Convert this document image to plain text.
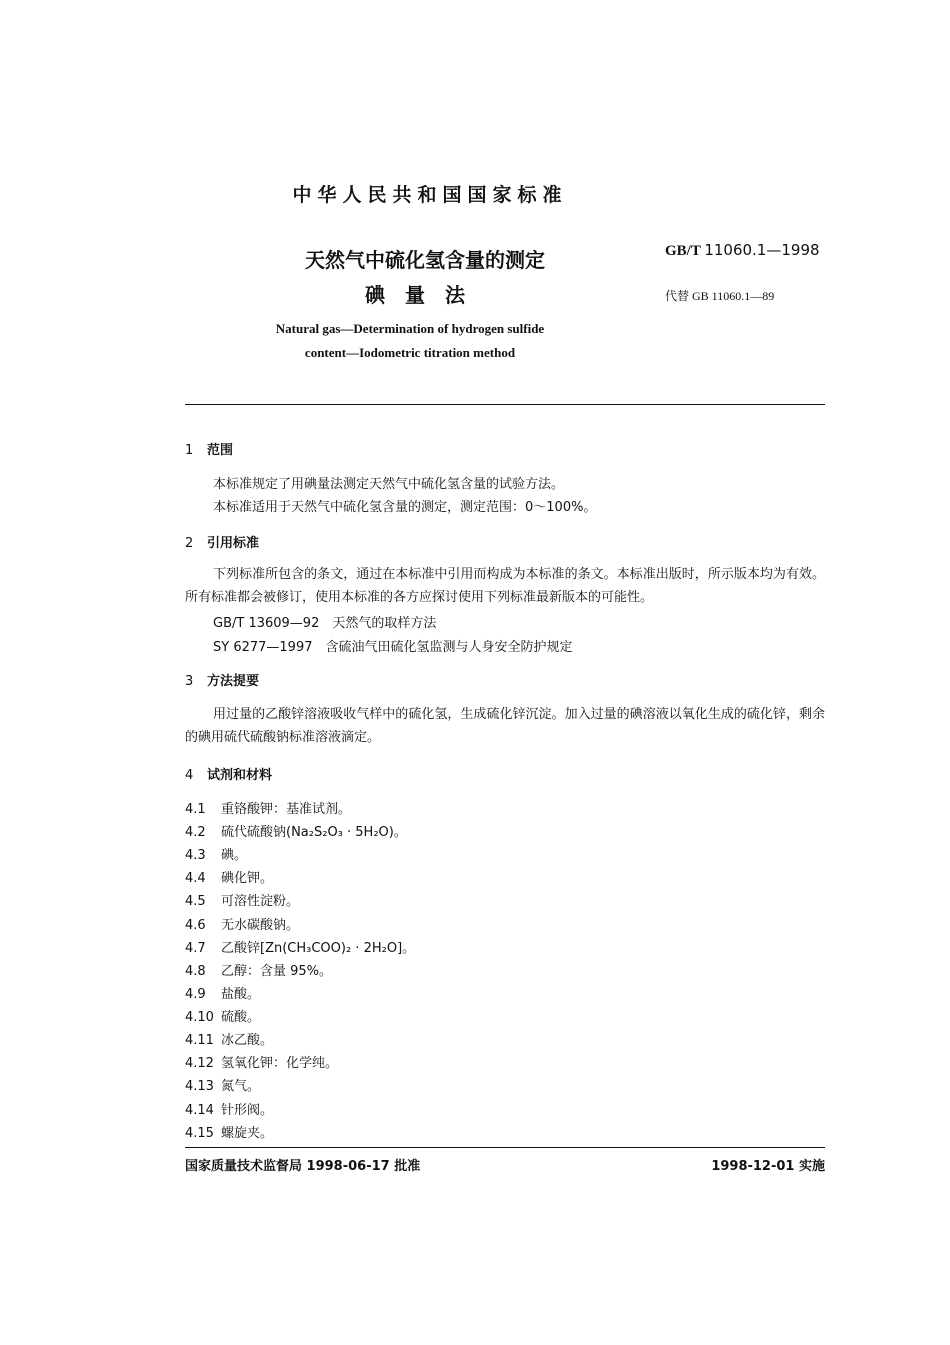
中华人民共和国国家标准
天然气中硫化氢含量的测定
碘量法
GB/T 11060.1—1998
代替 GB 11060.1—89
Natural gas—Determination of hydrogen sulfide
content—Iodometric titration method
1 范围
本标准规定了用碘量法测定天然气中硫化氢含量的试验方法。
本标准适用于天然气中硫化氢含量的测定，测定范围：0～100%。
2 引用标准
下列标准所包含的条文，通过在本标准中引用而构成为本标准的条文。本标准出版时，所示版本均为有效。所有标准都会被修订，使用本标准的各方应探讨使用下列标准最新版本的可能性。
GB/T 13609—92　天然气的取样方法
SY 6277—1997　含硫油气田硫化氢监测与人身安全防护规定
3 方法提要
用过量的乙酸锌溶液吸收气样中的硫化氢，生成硫化锌沉淀。加入过量的碘溶液以氧化生成的硫化锌，剩余的碘用硫代硫酸钠标准溶液滴定。
4 试剂和材料
4.1 重铬酸钾：基准试剂。
4.2 硫代硫酸钠(Na₂S₂O₃ · 5H₂O)。
4.3 碘。
4.4 碘化钾。
4.5 可溶性淀粉。
4.6 无水碳酸钠。
4.7 乙酸锌[Zn(CH₃COO)₂ · 2H₂O]。
4.8 乙醇：含量 95%。
4.9 盐酸。
4.10 硫酸。
4.11 冰乙酸。
4.12 氢氧化钾：化学纯。
4.13 氮气。
4.14 针形阀。
4.15 螺旋夹。
国家质量技术监督局 1998-06-17 批准	1998-12-01 实施
